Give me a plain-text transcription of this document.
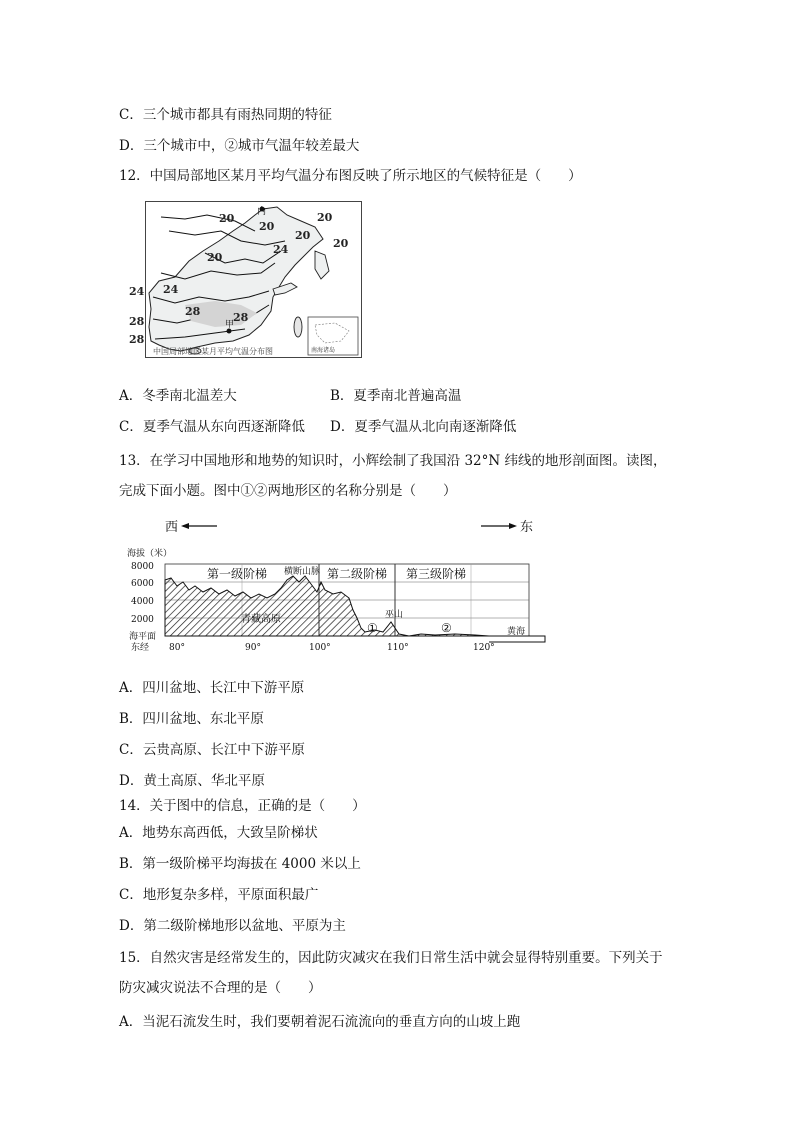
C．三个城市都具有雨热同期的特征
D．三个城市中，②城市气温年较差最大
12．中国局部地区某月平均气温分布图反映了所示地区的气候特征是（　　）
内
甲
20
20
20
20
20
20
24
24 24
28
28	28
28
南海诸岛
中国局部地区某月平均气温分布图
A．冬季南北温差大	B．夏季南北普遍高温
C．夏季气温从东向西逐渐降低 D．夏季气温从北向南逐渐降低
13．在学习中国地形和地势的知识时，小辉绘制了我国沿 32°N 纬线的地形剖面图。读图，
完成下面小题。图中①②两地形区的名称分别是（　　）
西	东
海拔（米）
8000
6000
4000
2000
海平面
东经
第一级阶梯 横断山脉 第二级阶梯 第三级阶梯
青藏高原	巫山
①	②	黄海
80°	90°	100°	110°	120°
A．四川盆地、长江中下游平原
B．四川盆地、东北平原
C．云贵高原、长江中下游平原
D．黄土高原、华北平原
14．关于图中的信息，正确的是（　　）
A．地势东高西低，大致呈阶梯状
B．第一级阶梯平均海拔在 4000 米以上
C．地形复杂多样，平原面积最广
D．第二级阶梯地形以盆地、平原为主
15．自然灾害是经常发生的，因此防灾减灾在我们日常生活中就会显得特别重要。下列关于
防灾减灾说法不合理的是（　　）
A．当泥石流发生时，我们要朝着泥石流流向的垂直方向的山坡上跑
